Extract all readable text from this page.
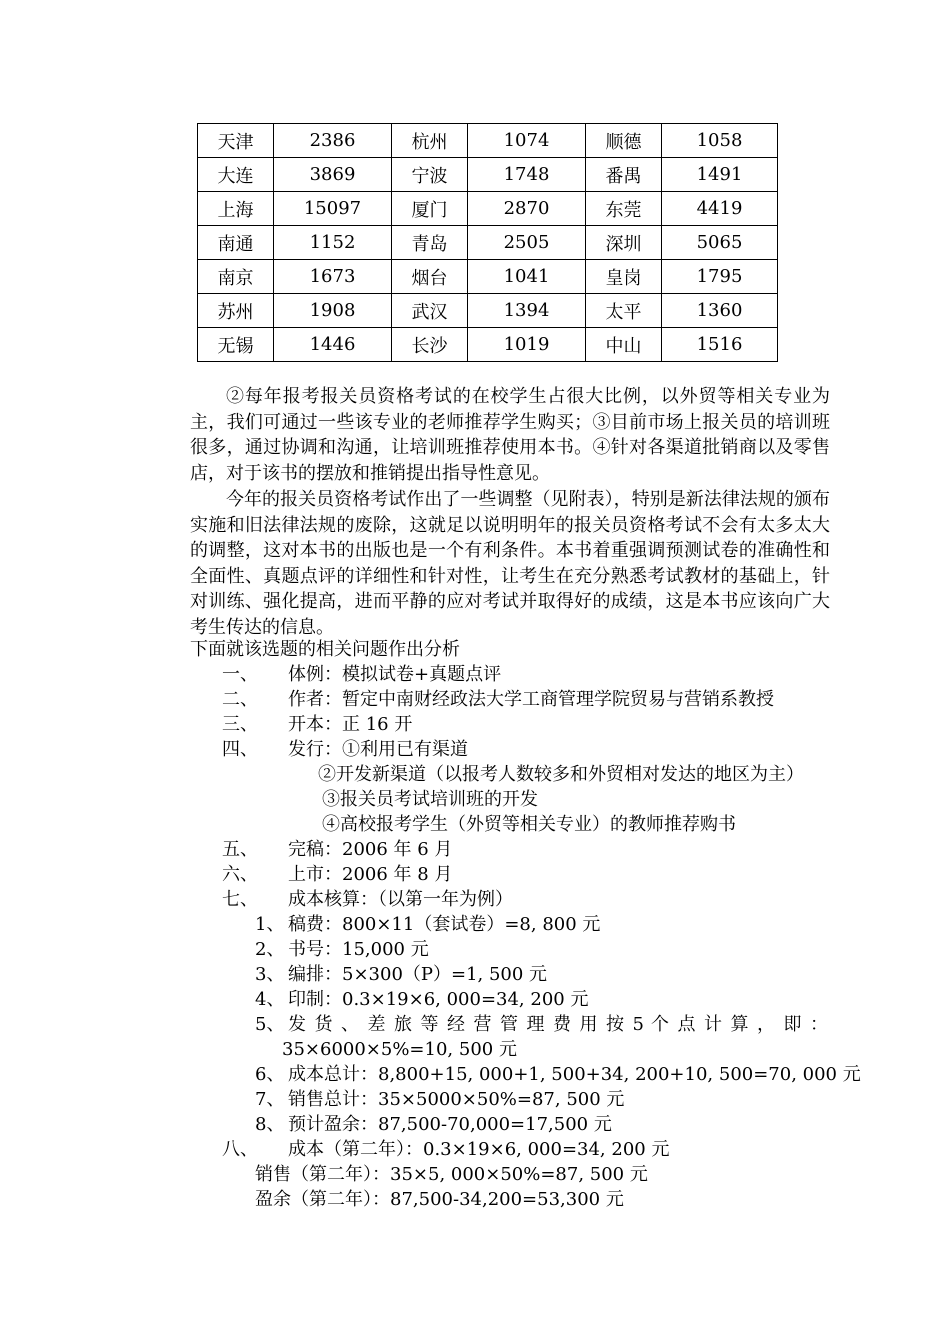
天津	2386	杭州	1074	顺德	1058
大连	3869	宁波	1748	番禺	1491
上海	15097	厦门	2870	东莞	4419
南通	1152	青岛	2505	深圳	5065
南京	1673	烟台	1041	皇岗	1795
苏州	1908	武汉	1394	太平	1360
无锡	1446	长沙	1019	中山	1516

②每年报考报关员资格考试的在校学生占很大比例，以外贸等相关专业为主，我们可通过一些该专业的老师推荐学生购买；③目前市场上报关员的培训班很多，通过协调和沟通，让培训班推荐使用本书。④针对各渠道批销商以及零售店，对于该书的摆放和推销提出指导性意见。

今年的报关员资格考试作出了一些调整（见附表），特别是新法律法规的颁布实施和旧法律法规的废除，这就足以说明明年的报关员资格考试不会有太多太大的调整，这对本书的出版也是一个有利条件。本书着重强调预测试卷的准确性和全面性、真题点评的详细性和针对性，让考生在充分熟悉考试教材的基础上，针对训练、强化提高，进而平静的应对考试并取得好的成绩，这是本书应该向广大考生传达的信息。

下面就该选题的相关问题作出分析

一、 体例：模拟试卷+真题点评

二、 作者：暂定中南财经政法大学工商管理学院贸易与营销系教授

三、 开本：正 16 开

四、 发行：①利用已有渠道

②开发新渠道（以报考人数较多和外贸相对发达的地区为主）

③报关员考试培训班的开发

④高校报考学生（外贸等相关专业）的教师推荐购书

五、 完稿：2006 年 6 月

六、 上市：2006 年 8 月

七、 成本核算：（以第一年为例）

1、 稿费：800×11（套试卷）=8, 800 元

2、 书号：15,000 元

3、 编排：5×300（P）=1, 500 元

4、 印制：0.3×19×6, 000=34, 200 元

5、 发 货 、 差 旅 等 经 营 管 理 费 用 按 5 个 点 计 算 ， 即 ：

35×6000×5%=10, 500 元

6、 成本总计：8,800+15, 000+1, 500+34, 200+10, 500=70, 000 元

7、 销售总计：35×5000×50%=87, 500 元

8、 预计盈余：87,500-70,000=17,500 元

八、 成本（第二年）：0.3×19×6, 000=34, 200 元

销售（第二年）：35×5, 000×50%=87, 500 元

盈余（第二年）：87,500-34,200=53,300 元
